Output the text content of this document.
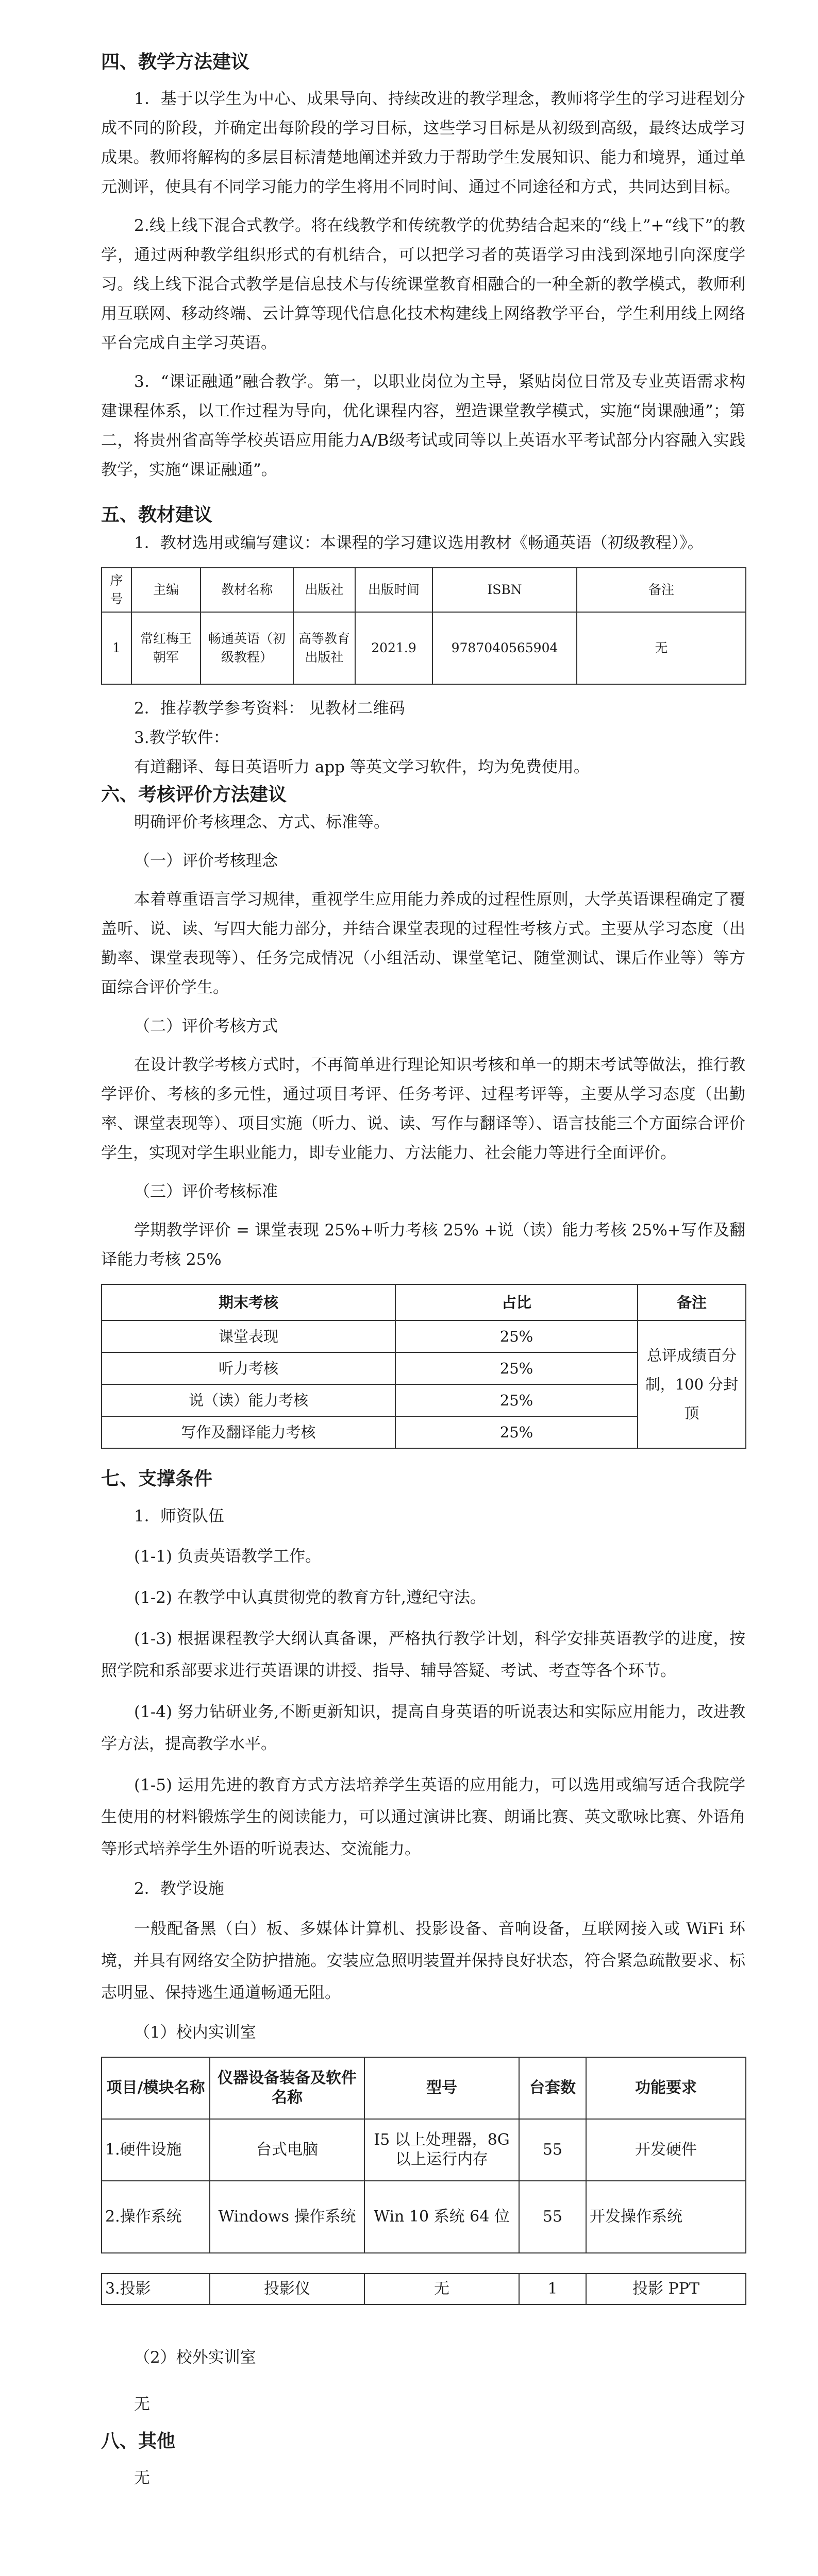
四、教学方法建议

1．基于以学生为中心、成果导向、持续改进的教学理念，教师将学生的学习进程划分成不同的阶段，并确定出每阶段的学习目标，这些学习目标是从初级到高级，最终达成学习成果。教师将解构的多层目标清楚地阐述并致力于帮助学生发展知识、能力和境界，通过单元测评，使具有不同学习能力的学生将用不同时间、通过不同途径和方式，共同达到目标。

2.线上线下混合式教学。将在线教学和传统教学的优势结合起来的“线上”+“线下”的教学，通过两种教学组织形式的有机结合，可以把学习者的英语学习由浅到深地引向深度学习。线上线下混合式教学是信息技术与传统课堂教育相融合的一种全新的教学模式，教师利用互联网、移动终端、云计算等现代信息化技术构建线上网络教学平台，学生利用线上网络平台完成自主学习英语。

3．“课证融通”融合教学。第一，以职业岗位为主导，紧贴岗位日常及专业英语需求构建课程体系，以工作过程为导向，优化课程内容，塑造课堂教学模式，实施“岗课融通”；第二，将贵州省高等学校英语应用能力A/B级考试或同等以上英语水平考试部分内容融入实践教学，实施“课证融通”。

五、教材建议

1．教材选用或编写建议：本课程的学习建议选用教材《畅通英语（初级教程）》。

序号	主编	教材名称	出版社	出版时间	ISBN	备注
1	常红梅王朝军	畅通英语（初级教程）	高等教育出版社	2021.9	9787040565904	无

2．推荐教学参考资料： 见教材二维码

3.教学软件：

有道翻译、每日英语听力 app 等英文学习软件，均为免费使用。

六、考核评价方法建议

明确评价考核理念、方式、标准等。

（一）评价考核理念

本着尊重语言学习规律，重视学生应用能力养成的过程性原则，大学英语课程确定了覆盖听、说、读、写四大能力部分，并结合课堂表现的过程性考核方式。主要从学习态度（出勤率、课堂表现等）、任务完成情况（小组活动、课堂笔记、随堂测试、课后作业等）等方面综合评价学生。

（二）评价考核方式

在设计教学考核方式时，不再简单进行理论知识考核和单一的期末考试等做法，推行教学评价、考核的多元性，通过项目考评、任务考评、过程考评等，主要从学习态度（出勤率、课堂表现等）、项目实施（听力、说、读、写作与翻译等）、语言技能三个方面综合评价学生，实现对学生职业能力，即专业能力、方法能力、社会能力等进行全面评价。

（三）评价考核标准

学期教学评价 = 课堂表现 25%+听力考核 25% +说（读）能力考核 25%+写作及翻译能力考核 25%

期末考核	占比	备注
课堂表现	25%	总评成绩百分制，100 分封顶
听力考核	25%	
说（读）能力考核	25%	
写作及翻译能力考核	25%	
七、支撑条件

1．师资队伍

(1-1) 负责英语教学工作。

(1-2) 在教学中认真贯彻党的教育方针,遵纪守法。

(1-3) 根据课程教学大纲认真备课，严格执行教学计划，科学安排英语教学的进度，按照学院和系部要求进行英语课的讲授、指导、辅导答疑、考试、考查等各个环节。

(1-4) 努力钻研业务,不断更新知识，提高自身英语的听说表达和实际应用能力，改进教学方法，提高教学水平。

(1-5) 运用先进的教育方式方法培养学生英语的应用能力，可以选用或编写适合我院学生使用的材料锻炼学生的阅读能力，可以通过演讲比赛、朗诵比赛、英文歌咏比赛、外语角等形式培养学生外语的听说表达、交流能力。

2．教学设施

一般配备黑（白）板、多媒体计算机、投影设备、音响设备，互联网接入或 WiFi 环境，并具有网络安全防护措施。安装应急照明装置并保持良好状态，符合紧急疏散要求、标志明显、保持逃生通道畅通无阻。

（1）校内实训室

项目/模块名称	仪器设备装备及软件名称	型号	台套数	功能要求
1.硬件设施	台式电脑	I5 以上处理器，8G 以上运行内存	55	开发硬件
2.操作系统	Windows 操作系统	Win 10 系统 64 位	55	开发操作系统
3.投影	投影仪	无	1	投影 PPT

（2）校外实训室

无

八、其他

无
